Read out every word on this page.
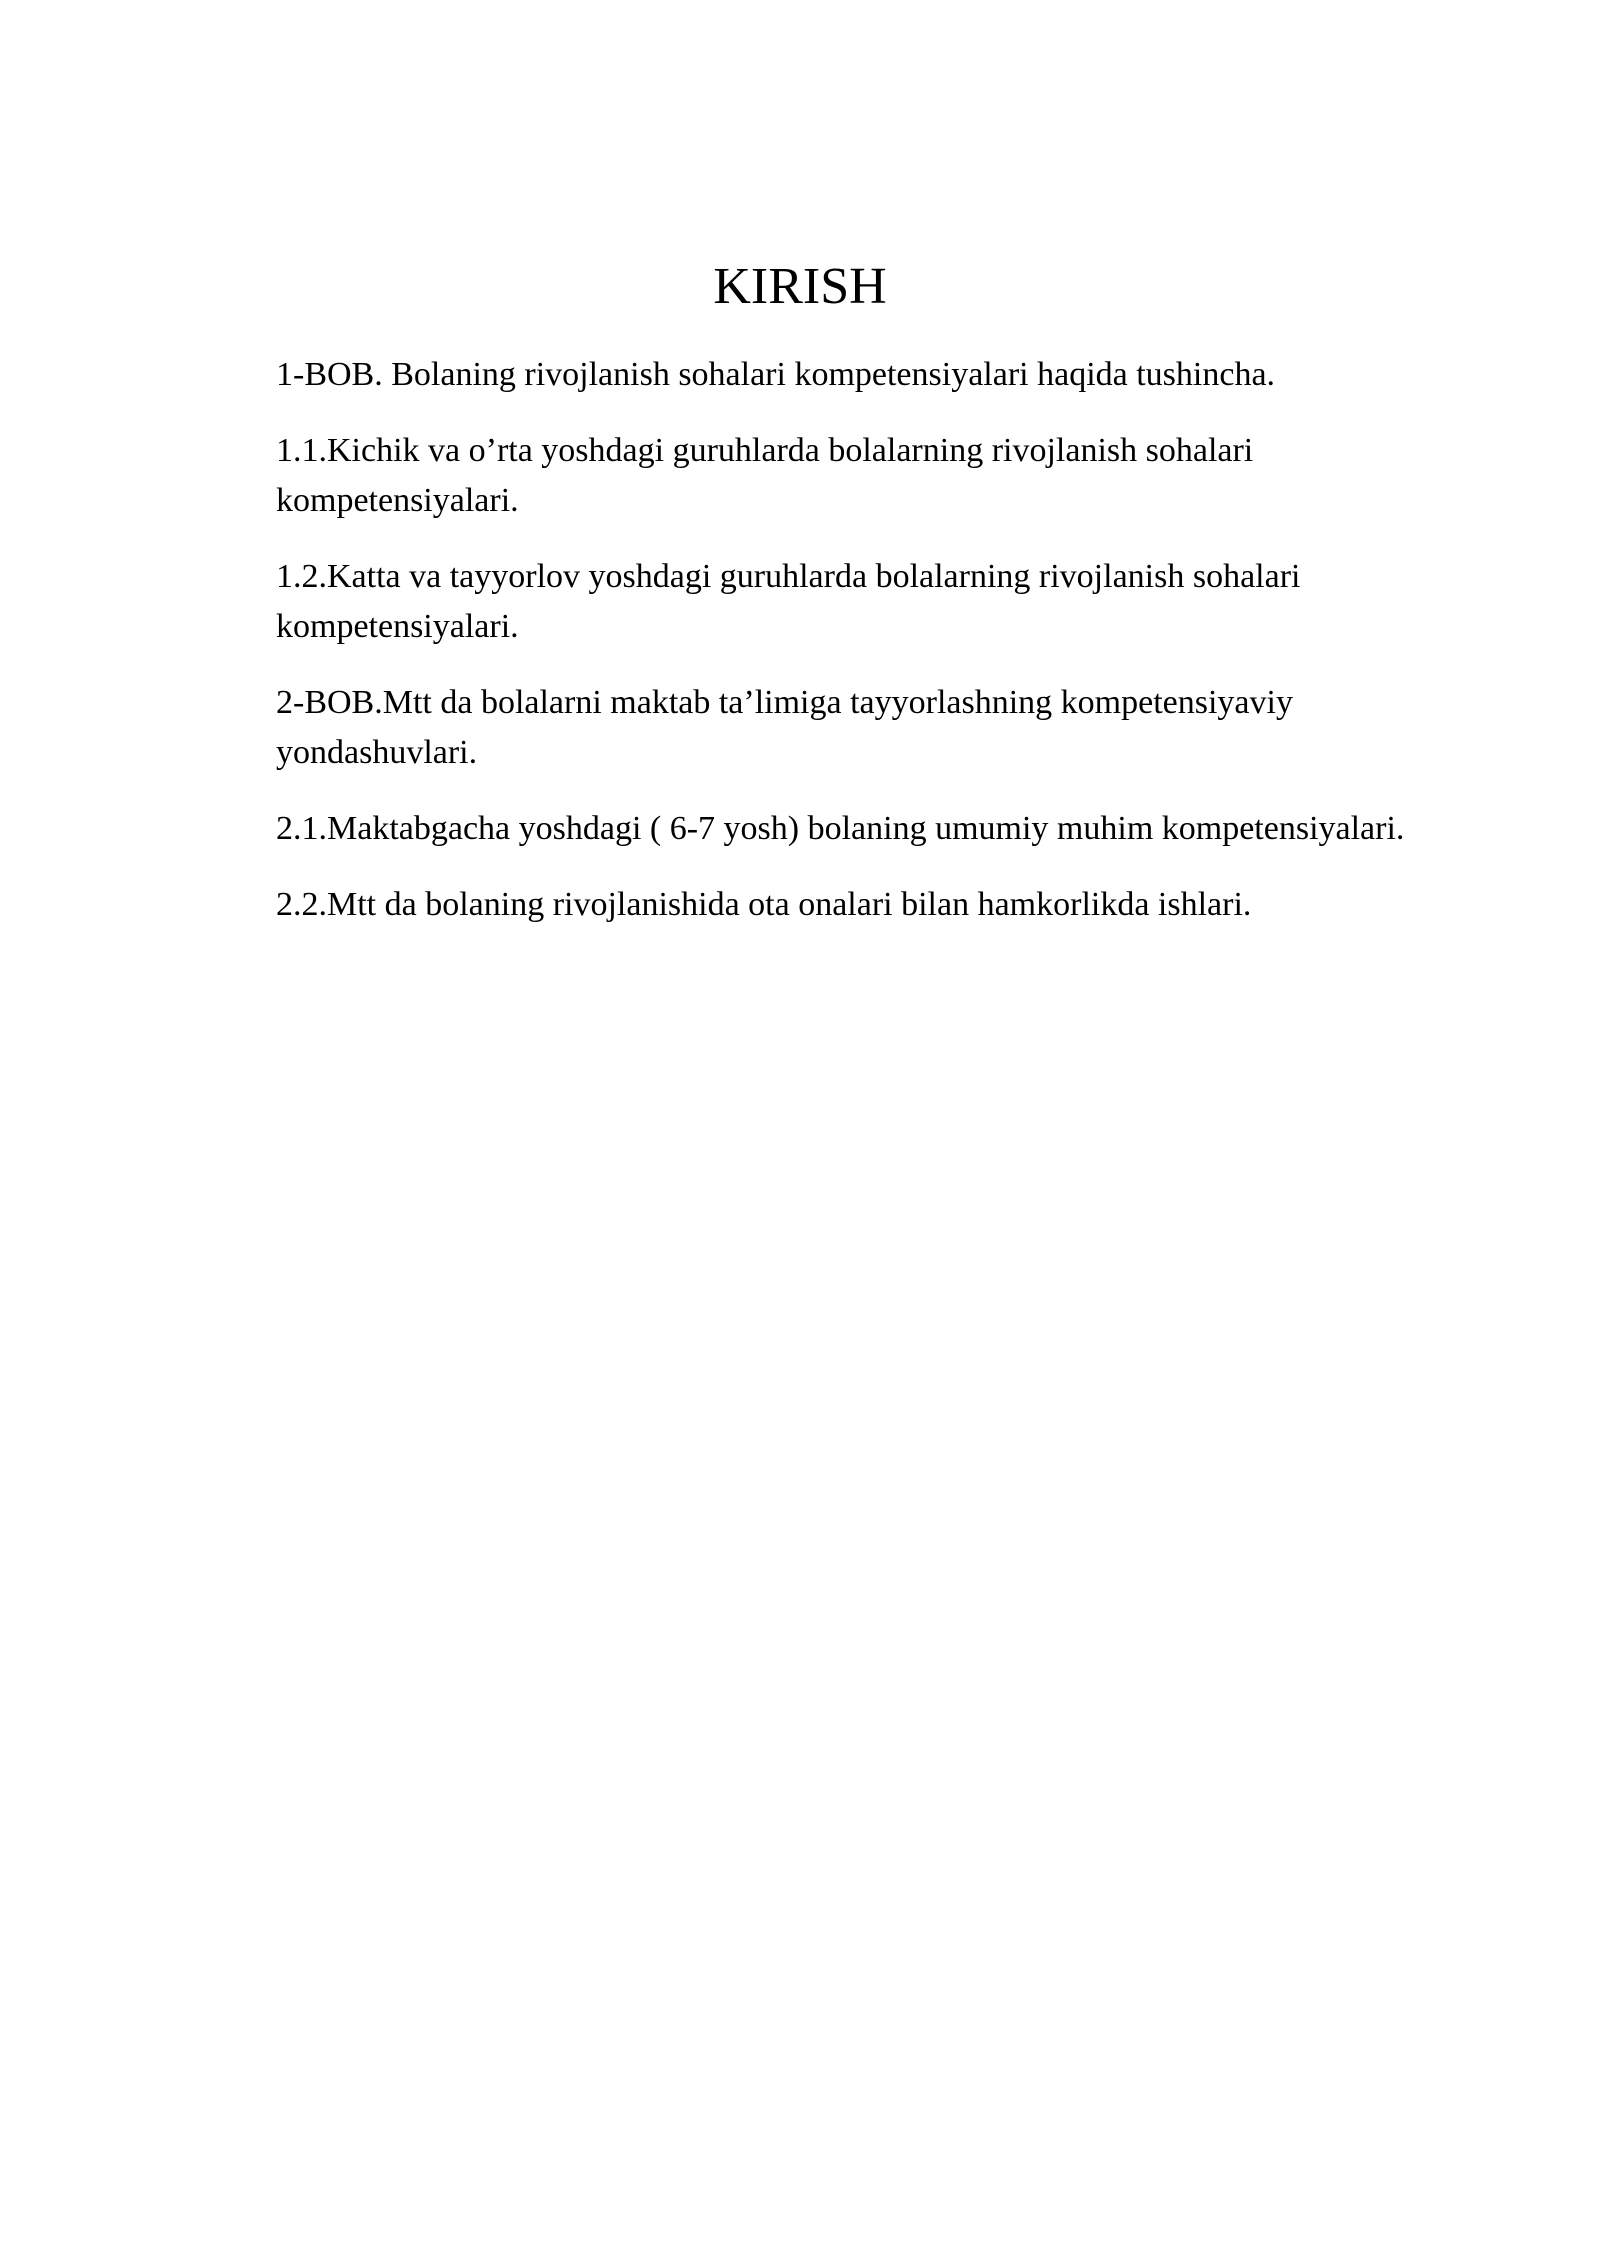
KIRISH
1-BOB. Bolaning rivojlanish sohalari kompetensiyalari haqida tushincha.
1.1.Kichik va o’rta yoshdagi guruhlarda bolalarning rivojlanish sohalari kompetensiyalari.
1.2.Katta va tayyorlov yoshdagi guruhlarda bolalarning rivojlanish sohalari kompetensiyalari.
2-BOB.Mtt da bolalarni maktab ta’limiga tayyorlashning kompetensiyaviy yondashuvlari.
2.1.Maktabgacha yoshdagi ( 6-7 yosh) bolaning umumiy muhim kompetensiyalari.
2.2.Mtt da bolaning rivojlanishida ota onalari bilan hamkorlikda ishlari.
